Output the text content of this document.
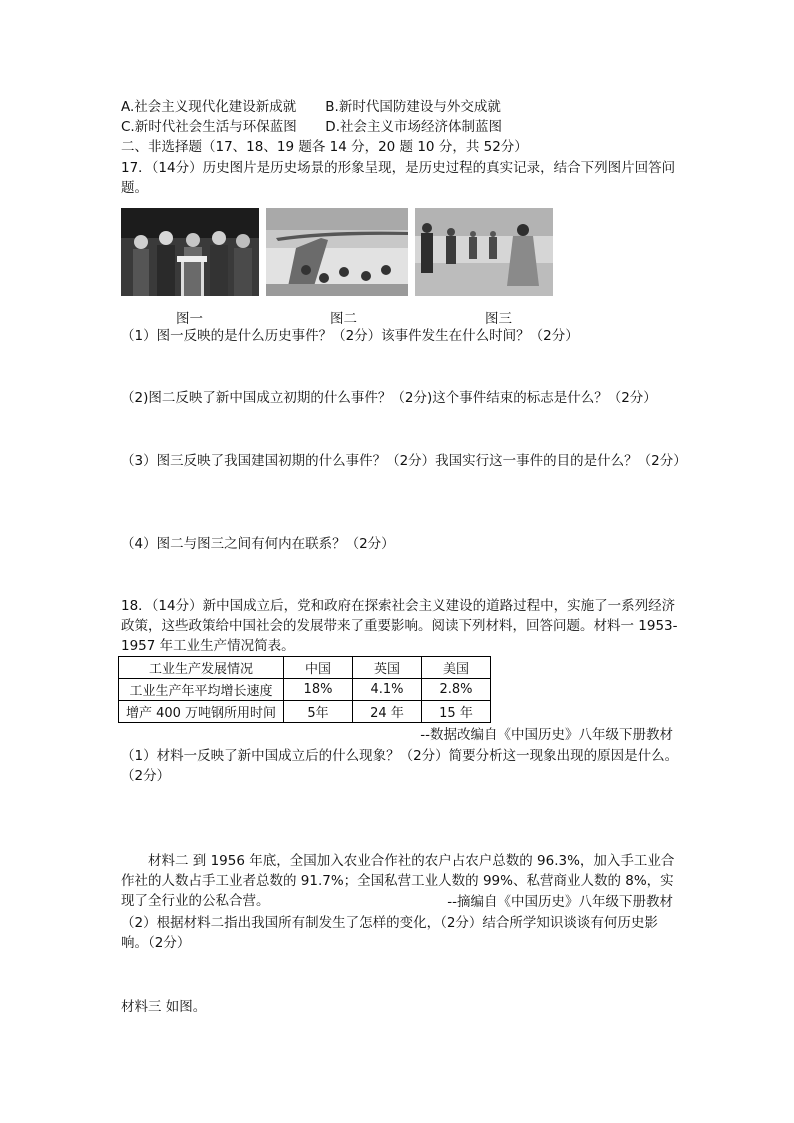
A.社会主义现代化建设新成就 B.新时代国防建设与外交成就
C.新时代社会生活与环保蓝图 D.社会主义市场经济体制蓝图
二、非选择题（17、18、19 题各 14 分，20 题 10 分，共 52分）
17．（14分）历史图片是历史场景的形象呈现，是历史过程的真实记录，结合下列图片回答问题。
图一	图二	图三
（1）图一反映的是什么历史事件？（2分）该事件发生在什么时间？（2分）
（2)图二反映了新中国成立初期的什么事件？（2分)这个事件结束的标志是什么？（2分）
（3）图三反映了我国建国初期的什么事件？（2分）我国实行这一事件的目的是什么？（2分）
（4）图二与图三之间有何内在联系？（2分）
18．（14分）新中国成立后，党和政府在探索社会主义建设的道路过程中，实施了一系列经济政策，这些政策给中国社会的发展带来了重要影响。阅读下列材料，回答问题。材料一 1953-1957 年工业生产情况简表。
工业生产发展情况	中国	英国	美国
工业生产年平均增长速度	18%	4.1%	2.8%
增产 400 万吨钢所用时间	5年	24 年	15 年
--数据改编自《中国历史》八年级下册教材
（1）材料一反映了新中国成立后的什么现象？（2分）简要分析这一现象出现的原因是什么。（2分）
材料二 到 1956 年底，全国加入农业合作社的农户占农户总数的 96.3%，加入手工业合作社的人数占手工业者总数的 91.7%；全国私营工业人数的 99%、私营商业人数的 8%，实现了全行业的公私合营。	--摘编自《中国历史》八年级下册教材
（2）根据材料二指出我国所有制发生了怎样的变化，（2分）结合所学知识谈谈有何历史影响。（2分）
材料三 如图。
